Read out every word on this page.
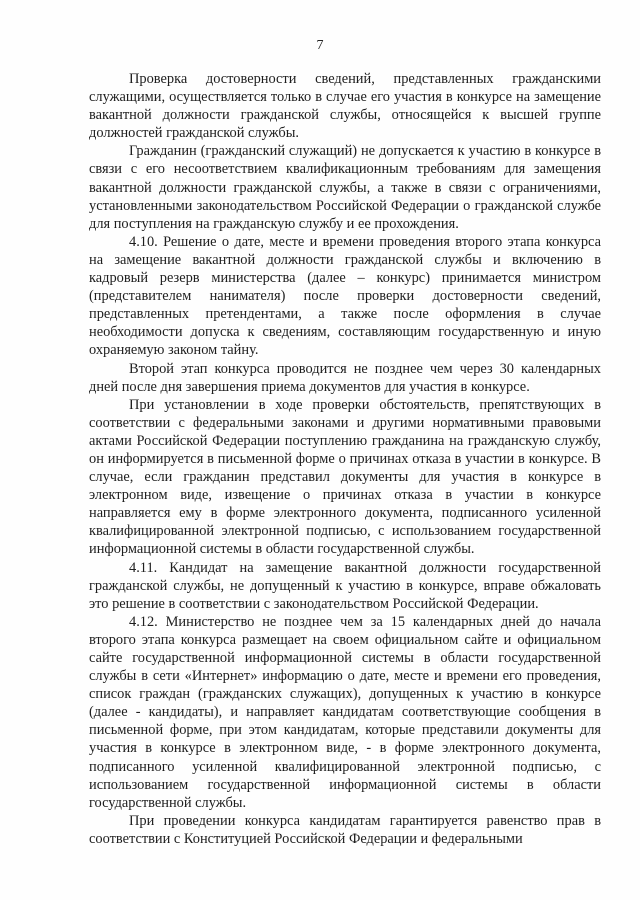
7

Проверка достоверности сведений, представленных гражданскими служащими, осуществляется только в случае его участия в конкурсе на замещение вакантной должности гражданской службы, относящейся к высшей группе должностей гражданской службы.

Гражданин (гражданский служащий) не допускается к участию в конкурсе в связи с его несоответствием квалификационным требованиям для замещения вакантной должности гражданской службы, а также в связи с ограничениями, установленными законодательством Российской Федерации о гражданской службе для поступления на гражданскую службу и ее прохождения.

4.10. Решение о дате, месте и времени проведения второго этапа конкурса на замещение вакантной должности гражданской службы и включению в кадровый резерв министерства (далее – конкурс) принимается министром (представителем нанимателя) после проверки достоверности сведений, представленных претендентами, а также после оформления в случае необходимости допуска к сведениям, составляющим государственную и иную охраняемую законом тайну.

Второй этап конкурса проводится не позднее чем через 30 календарных дней после дня завершения приема документов для участия в конкурсе.

При установлении в ходе проверки обстоятельств, препятствующих в соответствии с федеральными законами и другими нормативными правовыми актами Российской Федерации поступлению гражданина на гражданскую службу, он информируется в письменной форме о причинах отказа в участии в конкурсе. В случае, если гражданин представил документы для участия в конкурсе в электронном виде, извещение о причинах отказа в участии в конкурсе направляется ему в форме электронного документа, подписанного усиленной квалифицированной электронной подписью, с использованием государственной информационной системы в области государственной службы.

4.11. Кандидат на замещение вакантной должности государственной гражданской службы, не допущенный к участию в конкурсе, вправе обжаловать это решение в соответствии с законодательством Российской Федерации.

4.12. Министерство не позднее чем за 15 календарных дней до начала второго этапа конкурса размещает на своем официальном сайте и официальном сайте государственной информационной системы в области государственной службы в сети «Интернет» информацию о дате, месте и времени его проведения, список граждан (гражданских служащих), допущенных к участию в конкурсе (далее - кандидаты), и направляет кандидатам соответствующие сообщения в письменной форме, при этом кандидатам, которые представили документы для участия в конкурсе в электронном виде, - в форме электронного документа, подписанного усиленной квалифицированной электронной подписью, с использованием государственной информационной системы в области государственной службы.

При проведении конкурса кандидатам гарантируется равенство прав в соответствии с Конституцией Российской Федерации и федеральными
